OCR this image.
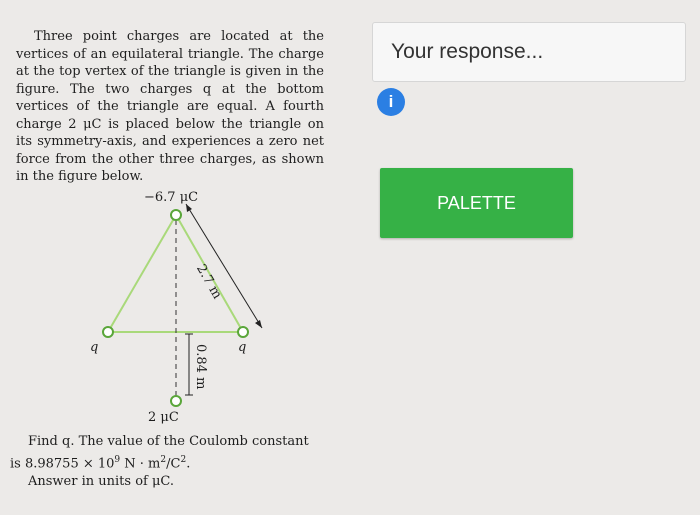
Three point charges are located at the vertices of an equilateral triangle. The charge at the top vertex of the triangle is given in the figure. The two charges q at the bottom vertices of the triangle are equal. A fourth charge 2 μC is placed below the triangle on its symmetry-axis, and experiences a zero net force from the other three charges, as shown in the figure below.

−6.7 μC
q	q
2.7 m
0.84 m
2 μC

Find q. The value of the Coulomb constant

is $8.98755 \times 10^9$ $N \cdot m^2/C^2$.

Answer in units of μC.

Your response...
i
PALETTE
